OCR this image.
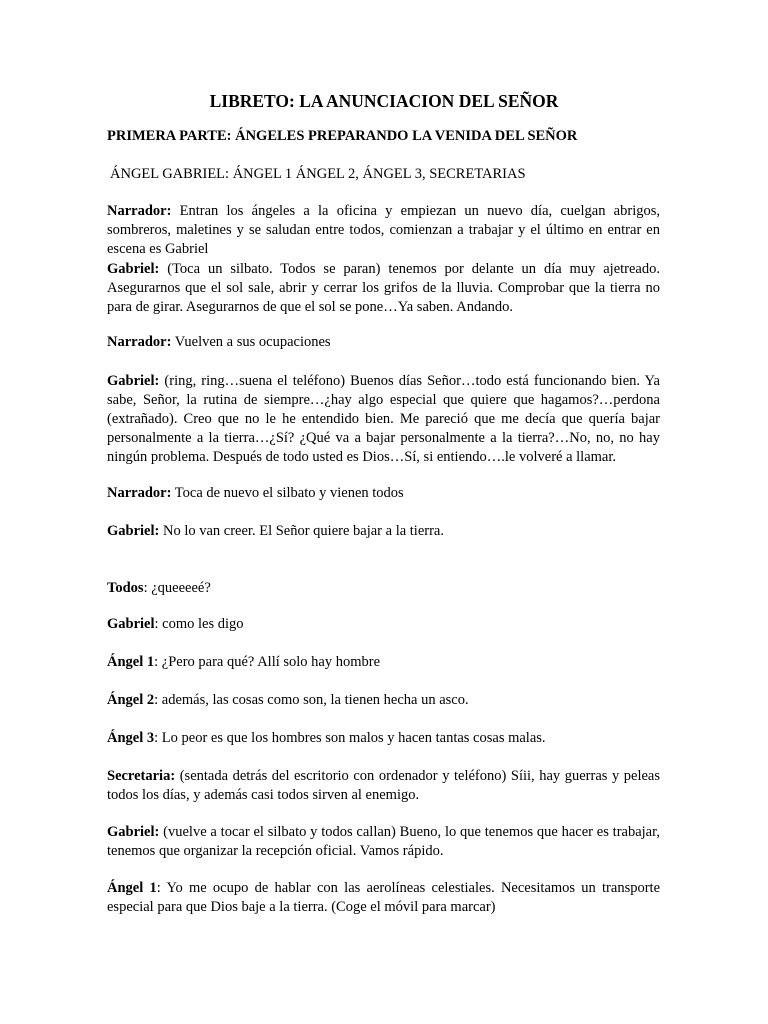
LIBRETO: LA ANUNCIACION DEL SEÑOR
PRIMERA PARTE: ÁNGELES PREPARANDO LA VENIDA DEL SEÑOR
ÁNGEL GABRIEL: ÁNGEL 1 ÁNGEL 2, ÁNGEL 3, SECRETARIAS
Narrador: Entran los ángeles a la oficina y empiezan un nuevo día, cuelgan abrigos, sombreros, maletines y se saludan entre todos, comienzan a trabajar y el último en entrar en escena es Gabriel
Gabriel: (Toca un silbato. Todos se paran) tenemos por delante un día muy ajetreado. Asegurarnos que el sol sale, abrir y cerrar los grifos de la lluvia. Comprobar que la tierra no para de girar. Asegurarnos de que el sol se pone…Ya saben. Andando.
Narrador: Vuelven a sus ocupaciones
Gabriel: (ring, ring…suena el teléfono) Buenos días Señor…todo está funcionando bien. Ya sabe, Señor, la rutina de siempre…¿hay algo especial que quiere que hagamos?…perdona (extrañado). Creo que no le he entendido bien. Me pareció que me decía que quería bajar personalmente a la tierra…¿Sí? ¿Qué va a bajar personalmente a la tierra?…No, no, no hay ningún problema. Después de todo usted es Dios…Sí, si entiendo….le volveré a llamar.
Narrador: Toca de nuevo el silbato y vienen todos
Gabriel: No lo van creer. El Señor quiere bajar a la tierra.
Todos: ¿queeeeé?
Gabriel: como les digo
Ángel 1: ¿Pero para qué? Allí solo hay hombre
Ángel 2: además, las cosas como son, la tienen hecha un asco.
Ángel 3: Lo peor es que los hombres son malos y hacen tantas cosas malas.
Secretaria: (sentada detrás del escritorio con ordenador y teléfono) Síii, hay guerras y peleas todos los días, y además casi todos sirven al enemigo.
Gabriel: (vuelve a tocar el silbato y todos callan) Bueno, lo que tenemos que hacer es trabajar, tenemos que organizar la recepción oficial. Vamos rápido.
Ángel 1: Yo me ocupo de hablar con las aerolíneas celestiales. Necesitamos un transporte especial para que Dios baje a la tierra. (Coge el móvil para marcar)
